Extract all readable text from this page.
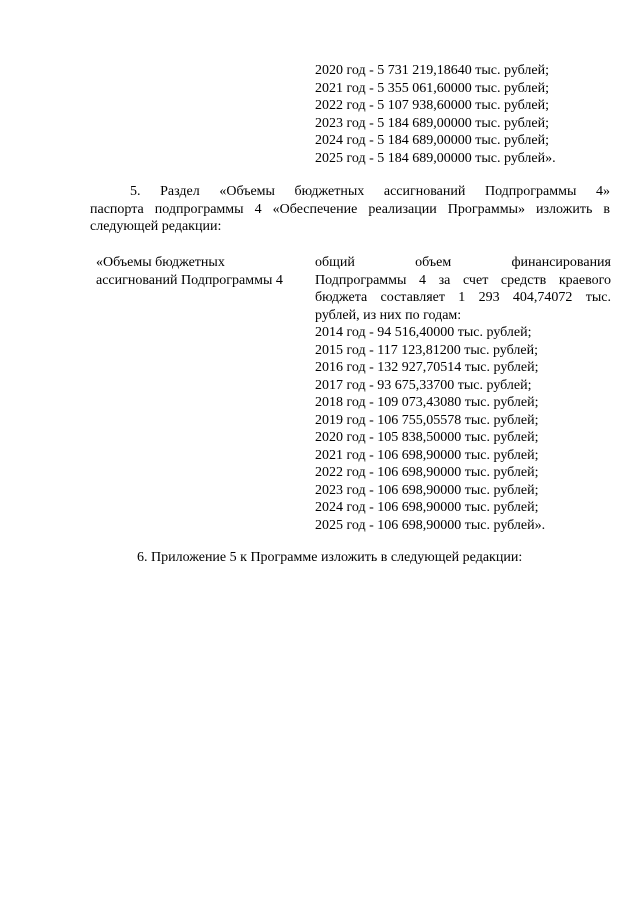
2020 год - 5 731 219,18640 тыс. рублей;
2021 год - 5 355 061,60000 тыс. рублей;
2022 год - 5 107 938,60000 тыс. рублей;
2023 год - 5 184 689,00000 тыс. рублей;
2024 год - 5 184 689,00000 тыс. рублей;
2025 год - 5 184 689,00000 тыс. рублей».
5. Раздел «Объемы бюджетных ассигнований Подпрограммы 4»
паспорта подпрограммы 4 «Обеспечение реализации Программы» изложить в
следующей редакции:
«Объемы бюджетных
ассигнований Подпрограммы 4
общий объем финансирования
Подпрограммы 4 за счет средств краевого
бюджета составляет 1 293 404,74072 тыс.
рублей, из них по годам:
2014 год - 94 516,40000 тыс. рублей;
2015 год - 117 123,81200 тыс. рублей;
2016 год - 132 927,70514 тыс. рублей;
2017 год - 93 675,33700 тыс. рублей;
2018 год - 109 073,43080 тыс. рублей;
2019 год - 106 755,05578 тыс. рублей;
2020 год - 105 838,50000 тыс. рублей;
2021 год - 106 698,90000 тыс. рублей;
2022 год - 106 698,90000 тыс. рублей;
2023 год - 106 698,90000 тыс. рублей;
2024 год - 106 698,90000 тыс. рублей;
2025 год - 106 698,90000 тыс. рублей».
6. Приложение 5 к Программе изложить в следующей редакции:
